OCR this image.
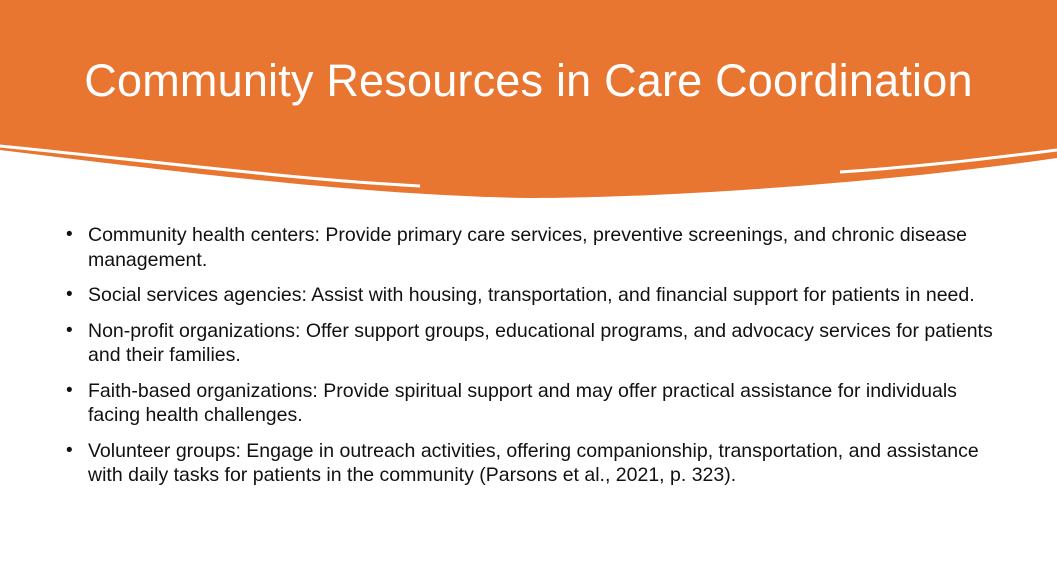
Community Resources in Care Coordination
• Community health centers: Provide primary care services, preventive screenings, and chronic disease management.
• Social services agencies: Assist with housing, transportation, and financial support for patients in need.
• Non-profit organizations: Offer support groups, educational programs, and advocacy services for patients and their families.
• Faith-based organizations: Provide spiritual support and may offer practical assistance for individuals facing health challenges.
• Volunteer groups: Engage in outreach activities, offering companionship, transportation, and assistance with daily tasks for patients in the community (Parsons et al., 2021, p. 323).
